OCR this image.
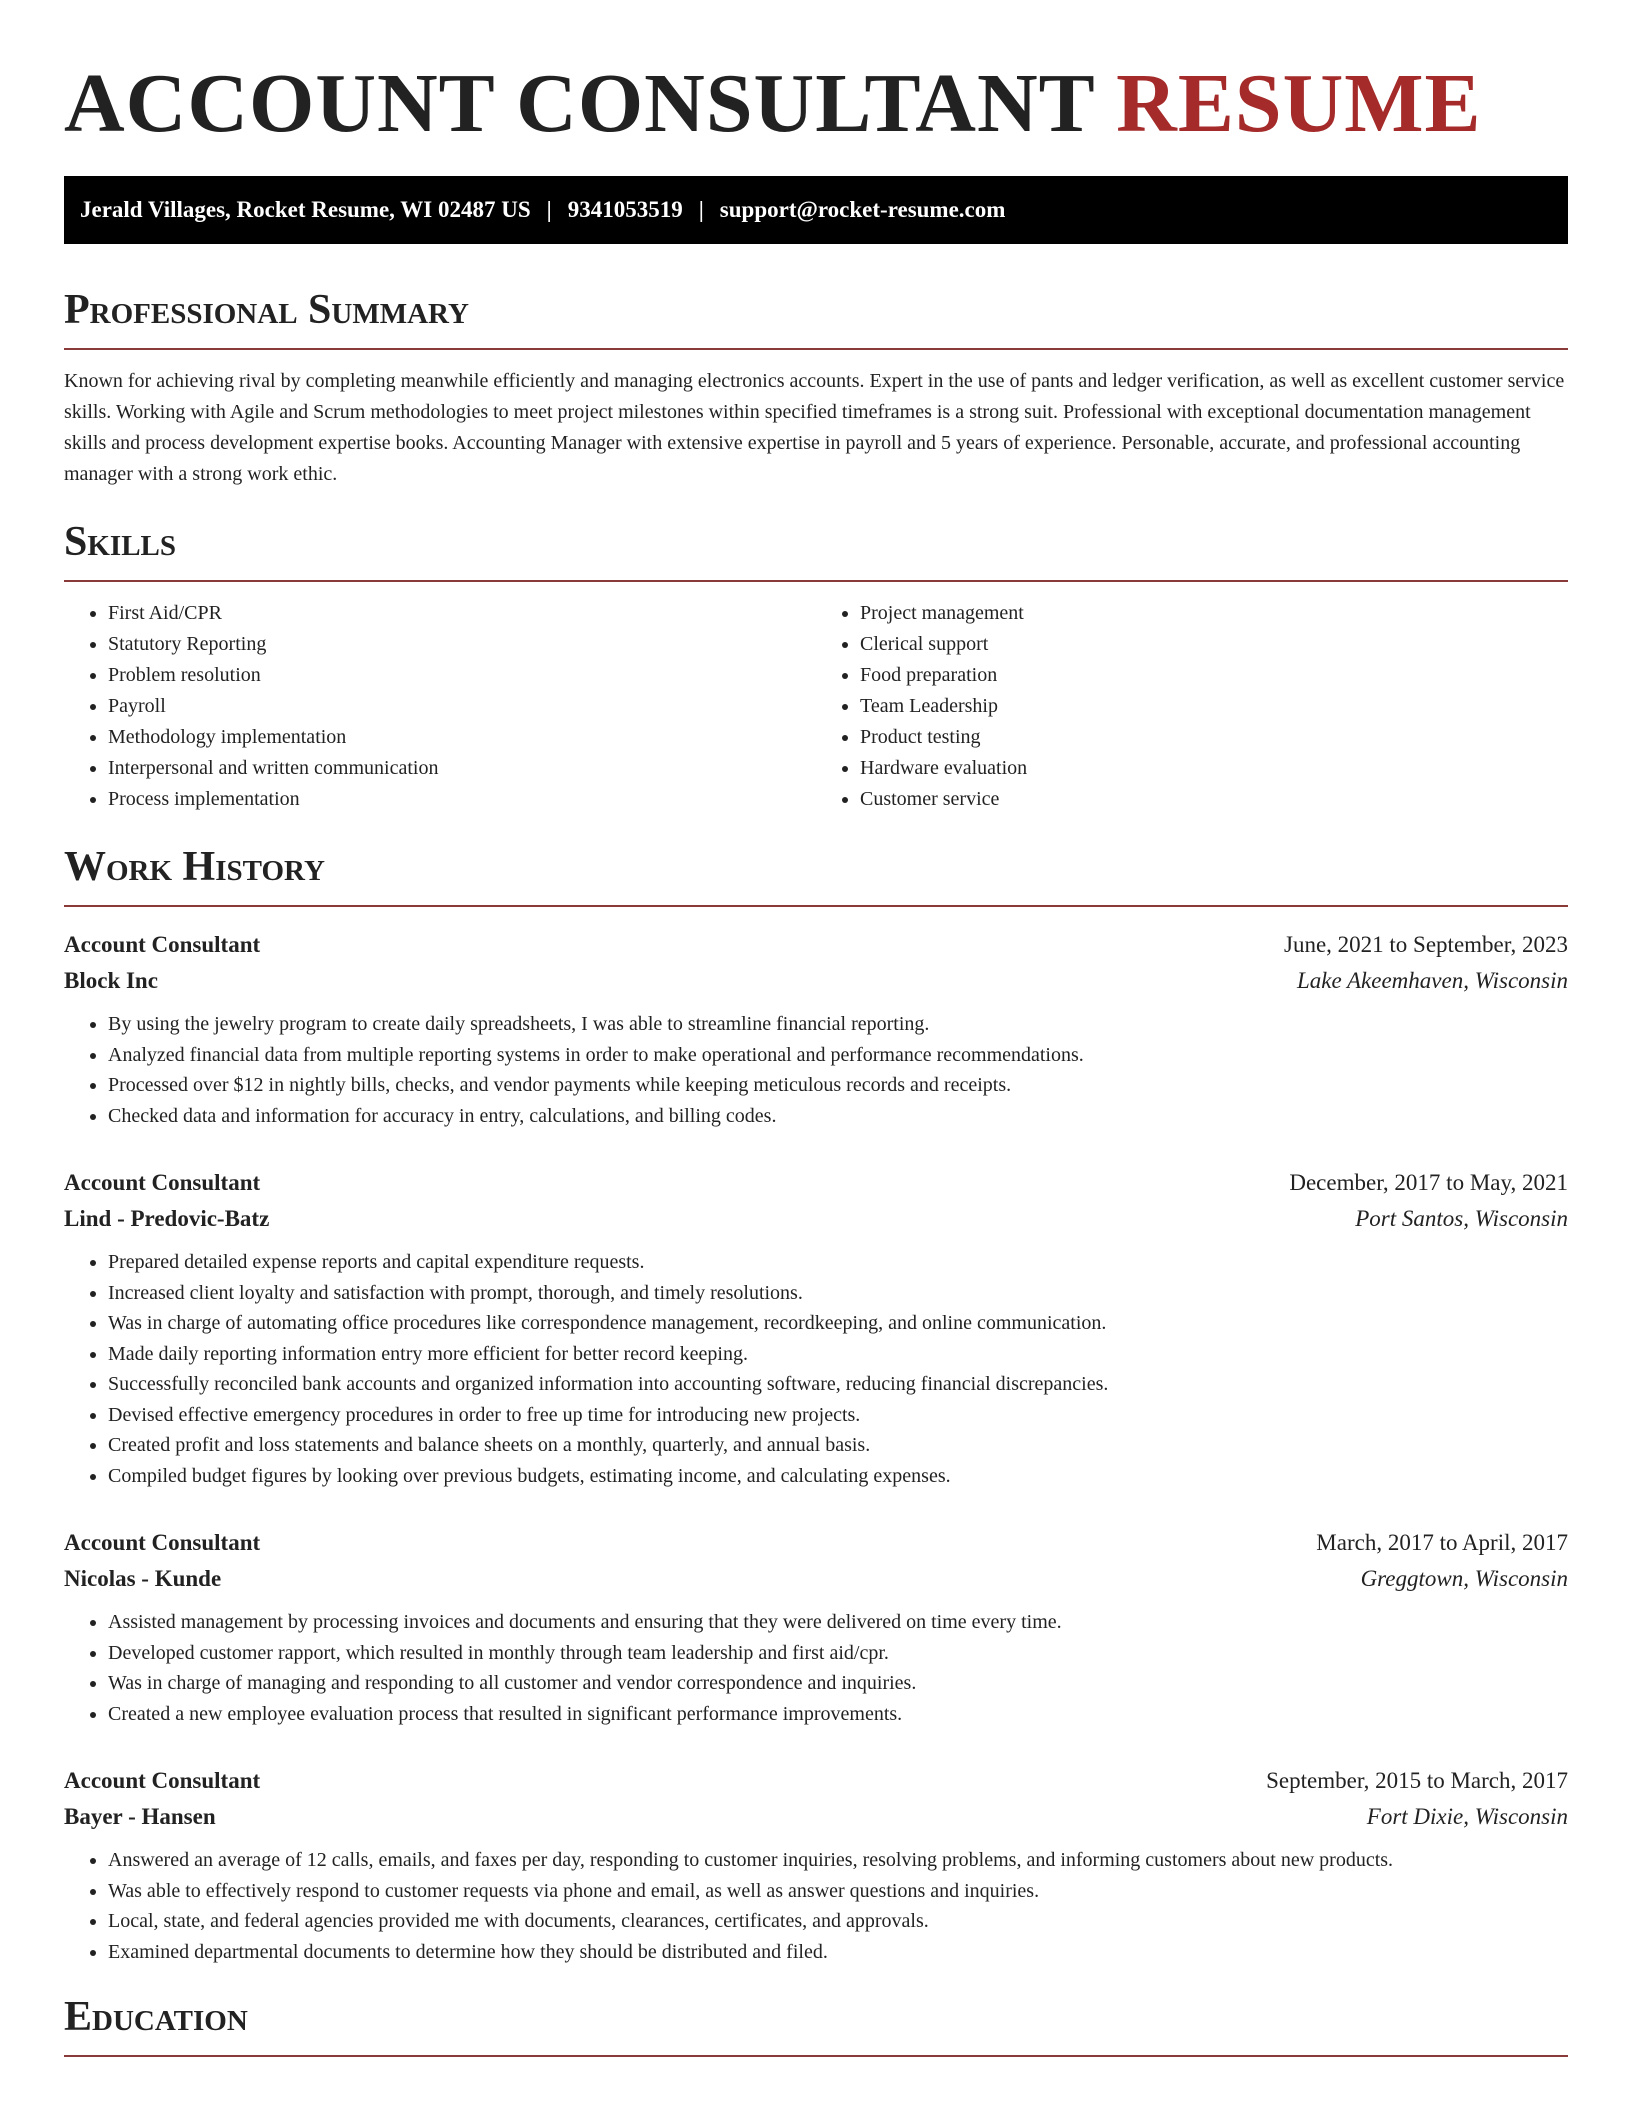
ACCOUNT CONSULTANT RESUME
Jerald Villages, Rocket Resume, WI 02487 US | 9341053519 | support@rocket-resume.com
Professional Summary

Known for achieving rival by completing meanwhile efficiently and managing electronics accounts. Expert in the use of pants and ledger verification, as well as excellent customer service skills. Working with Agile and Scrum methodologies to meet project milestones within specified timeframes is a strong suit. Professional with exceptional documentation management skills and process development expertise books. Accounting Manager with extensive expertise in payroll and 5 years of experience. Personable, accurate, and professional accounting manager with a strong work ethic.

Skills
• First Aid/CPR
• Statutory Reporting
• Problem resolution
• Payroll
• Methodology implementation
• Interpersonal and written communication
• Process implementation
• Project management
• Clerical support
• Food preparation
• Team Leadership
• Product testing
• Hardware evaluation
• Customer service
Work History
Account Consultant	June, 2021 to September, 2023
Block Inc	Lake Akeemhaven, Wisconsin
• By using the jewelry program to create daily spreadsheets, I was able to streamline financial reporting.
• Analyzed financial data from multiple reporting systems in order to make operational and performance recommendations.
• Processed over $12 in nightly bills, checks, and vendor payments while keeping meticulous records and receipts.
• Checked data and information for accuracy in entry, calculations, and billing codes.
Account Consultant	December, 2017 to May, 2021
Lind - Predovic-Batz	Port Santos, Wisconsin
• Prepared detailed expense reports and capital expenditure requests.
• Increased client loyalty and satisfaction with prompt, thorough, and timely resolutions.
• Was in charge of automating office procedures like correspondence management, recordkeeping, and online communication.
• Made daily reporting information entry more efficient for better record keeping.
• Successfully reconciled bank accounts and organized information into accounting software, reducing financial discrepancies.
• Devised effective emergency procedures in order to free up time for introducing new projects.
• Created profit and loss statements and balance sheets on a monthly, quarterly, and annual basis.
• Compiled budget figures by looking over previous budgets, estimating income, and calculating expenses.
Account Consultant	March, 2017 to April, 2017
Nicolas - Kunde	Greggtown, Wisconsin
• Assisted management by processing invoices and documents and ensuring that they were delivered on time every time.
• Developed customer rapport, which resulted in monthly through team leadership and first aid/cpr.
• Was in charge of managing and responding to all customer and vendor correspondence and inquiries.
• Created a new employee evaluation process that resulted in significant performance improvements.
Account Consultant	September, 2015 to March, 2017
Bayer - Hansen	Fort Dixie, Wisconsin
• Answered an average of 12 calls, emails, and faxes per day, responding to customer inquiries, resolving problems, and informing customers about new products.
• Was able to effectively respond to customer requests via phone and email, as well as answer questions and inquiries.
• Local, state, and federal agencies provided me with documents, clearances, certificates, and approvals.
• Examined departmental documents to determine how they should be distributed and filed.
Education
